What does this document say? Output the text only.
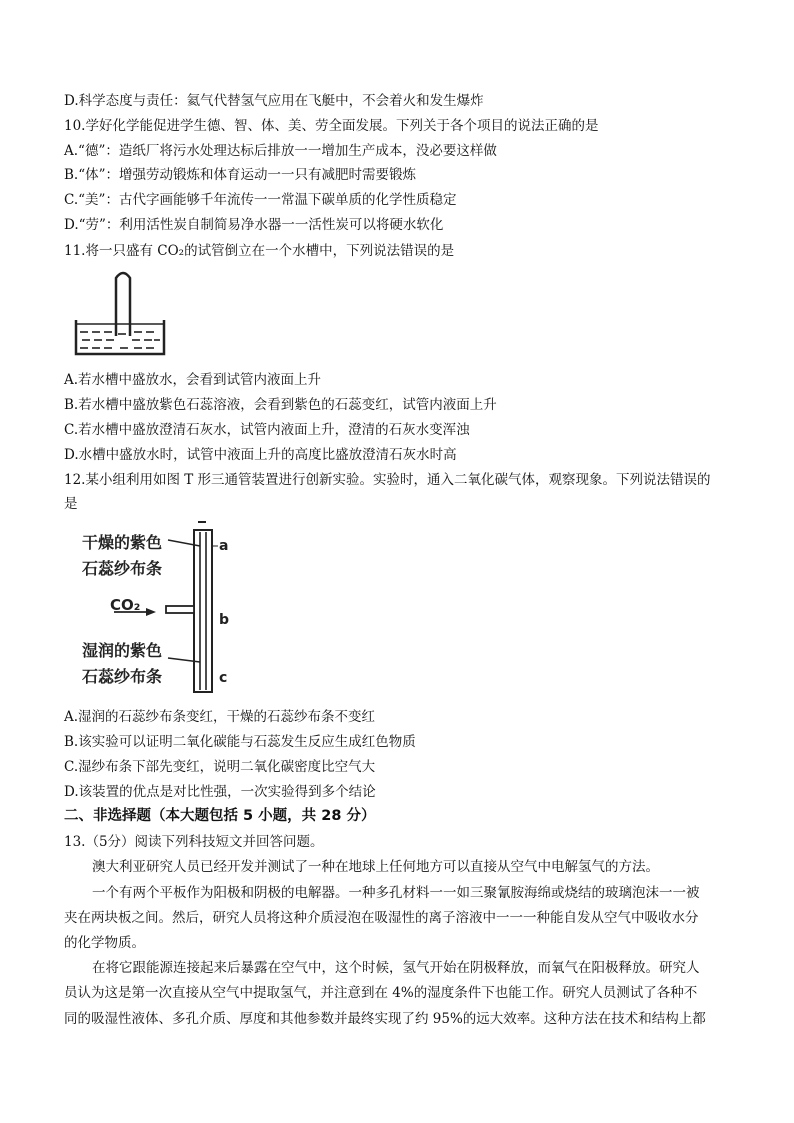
D.科学态度与责任：氦气代替氢气应用在飞艇中，不会着火和发生爆炸
10.学好化学能促进学生德、智、体、美、劳全面发展。下列关于各个项目的说法正确的是
A.“德”：造纸厂将污水处理达标后排放一一增加生产成本，没必要这样做
B.“体”：增强劳动锻炼和体育运动一一只有减肥时需要锻炼
C.“美”：古代字画能够千年流传一一常温下碳单质的化学性质稳定
D.“劳”：利用活性炭自制简易净水器一一活性炭可以将硬水软化
11.将一只盛有 CO₂的试管倒立在一个水槽中，下列说法错误的是
A.若水槽中盛放水，会看到试管内液面上升
B.若水槽中盛放紫色石蕊溶液，会看到紫色的石蕊变红，试管内液面上升
C.若水槽中盛放澄清石灰水，试管内液面上升，澄清的石灰水变浑浊
D.水槽中盛放水时，试管中液面上升的高度比盛放澄清石灰水时高
12.某小组利用如图 T 形三通管装置进行创新实验。实验时，通入二氧化碳气体，观察现象。下列说法错误的
是
干燥的紫色
石蕊纱布条
CO₂
湿润的紫色
石蕊纱布条
a
b
c
A.湿润的石蕊纱布条变红，干燥的石蕊纱布条不变红
B.该实验可以证明二氧化碳能与石蕊发生反应生成红色物质
C.湿纱布条下部先变红，说明二氧化碳密度比空气大
D.该装置的优点是对比性强，一次实验得到多个结论
二、非选择题（本大题包括 5 小题，共 28 分）
13.（5分）阅读下列科技短文并回答问题。
澳大利亚研究人员已经开发并测试了一种在地球上任何地方可以直接从空气中电解氢气的方法。
一个有两个平板作为阳极和阴极的电解器。一种多孔材料一一如三聚氰胺海绵或烧结的玻璃泡沫一一被
夹在两块板之间。然后，研究人员将这种介质浸泡在吸湿性的离子溶液中一一一种能自发从空气中吸收水分
的化学物质。
在将它跟能源连接起来后暴露在空气中，这个时候，氢气开始在阴极释放，而氧气在阳极释放。研究人
员认为这是第一次直接从空气中提取氢气，并注意到在 4%的湿度条件下也能工作。研究人员测试了各种不
同的吸湿性液体、多孔介质、厚度和其他参数并最终实现了约 95%的远大效率。这种方法在技术和结构上都
